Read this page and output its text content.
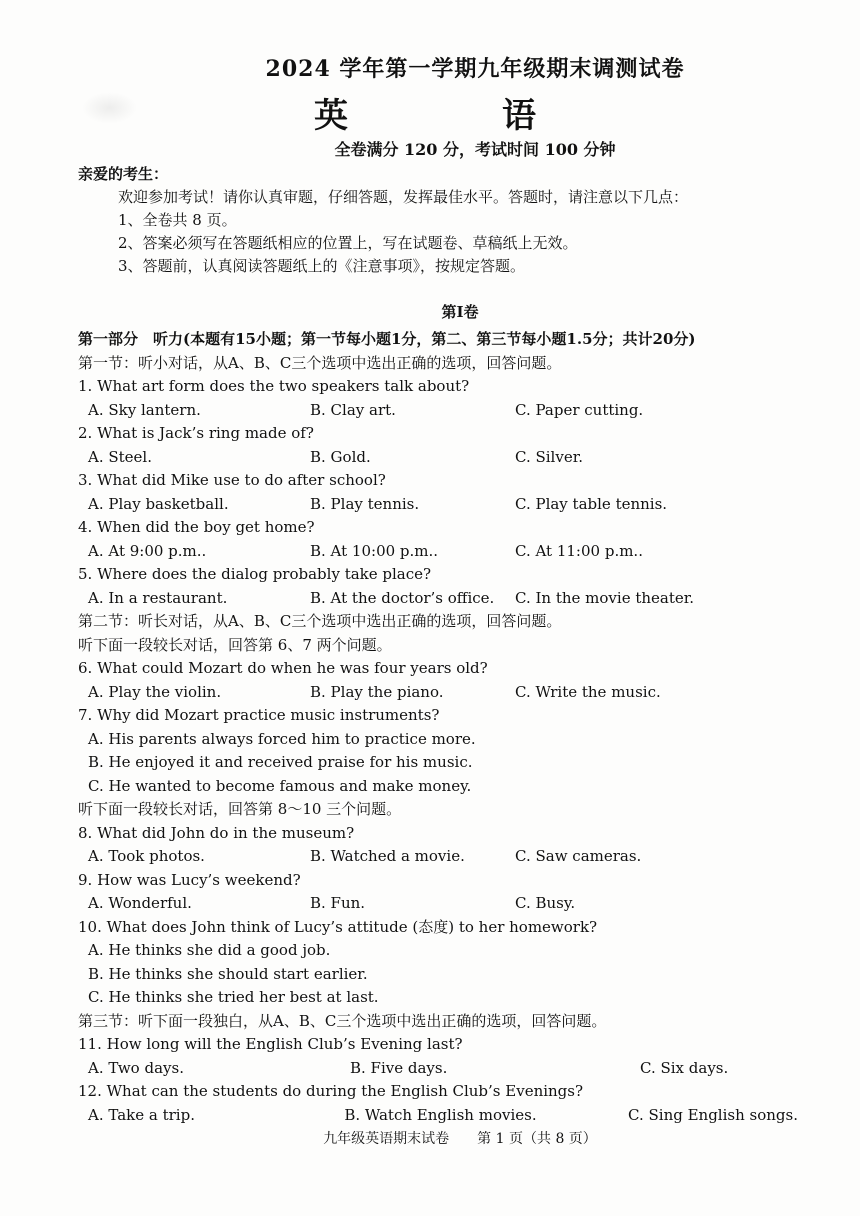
2024 学年第一学期九年级期末调测试卷
英　语
全卷满分 120 分，考试时间 100 分钟
亲爱的考生：
欢迎参加考试！请你认真审题，仔细答题，发挥最佳水平。答题时，请注意以下几点：
1、全卷共 8 页。
2、答案必须写在答题纸相应的位置上，写在试题卷、草稿纸上无效。
3、答题前，认真阅读答题纸上的《注意事项》，按规定答题。
第Ⅰ卷
第一部分　听力(本题有15小题；第一节每小题1分，第二、第三节每小题1.5分；共计20分)
第一节：听小对话，从A、B、C三个选项中选出正确的选项，回答问题。
1. What art form does the two speakers talk about?
A. Sky lantern.	B. Clay art.	C. Paper cutting.
2. What is Jack’s ring made of?
A. Steel.	B. Gold.	C. Silver.
3. What did Mike use to do after school?
A. Play basketball.	B. Play tennis.	C. Play table tennis.
4. When did the boy get home?
A. At 9:00 p.m..	B. At 10:00 p.m..	C. At 11:00 p.m..
5. Where does the dialog probably take place?
A. In a restaurant.	B. At the doctor’s office.	C. In the movie theater.
第二节：听长对话，从A、B、C三个选项中选出正确的选项，回答问题。
听下面一段较长对话，回答第 6、7 两个问题。
6. What could Mozart do when he was four years old?
A. Play the violin.	B. Play the piano.	C. Write the music.
7. Why did Mozart practice music instruments?
A. His parents always forced him to practice more.
B. He enjoyed it and received praise for his music.
C. He wanted to become famous and make money.
听下面一段较长对话，回答第 8～10 三个问题。
8. What did John do in the museum?
A. Took photos.	B. Watched a movie.	C. Saw cameras.
9. How was Lucy’s weekend?
A. Wonderful.	B. Fun.	C. Busy.
10. What does John think of Lucy’s attitude (态度) to her homework?
A. He thinks she did a good job.
B. He thinks she should start earlier.
C. He thinks she tried her best at last.
第三节：听下面一段独白，从A、B、C三个选项中选出正确的选项，回答问题。
11. How long will the English Club’s Evening last?
A. Two days.	B. Five days.	C. Six days.
12. What can the students do during the English Club’s Evenings?
A. Take a trip.	B. Watch English movies.	C. Sing English songs.
九年级英语期末试卷　　第 1 页（共 8 页）
